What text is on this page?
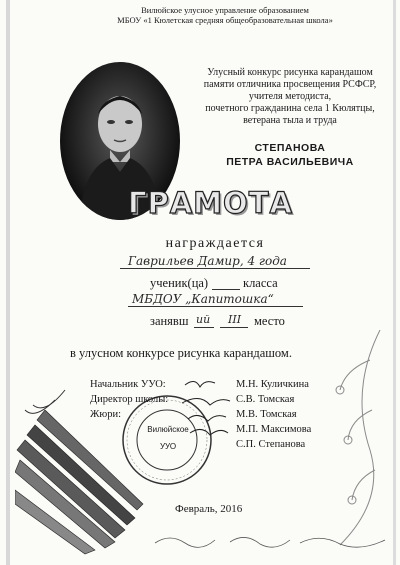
Вилюйское улусное управление образованием
МБОУ «1 Кюлетская средняя общеобразовательная школа»
Улусный конкурс рисунка карандашом
памяти отличника просвещения РСФСР,
учителя методиста,
почетного гражданина села 1 Кюлятцы,
ветерана тыла и труда
СТЕПАНОВА
ПЕТРА ВАСИЛЬЕВИЧА
ГРАМОТА
награждается
Гаврильев Дамир, 4 года
ученик(ца)	класса
МБДОУ „Капитошка“
занявш ий III место
в улусном конкурсе рисунка карандашом.
Вилюйское
УУО
Начальник УУО:	М.Н. Куличкина
Директор школы:	С.В. Томская
Жюри:	М.В. Томская
М.П. Максимова
С.П. Степанова
Февраль, 2016
